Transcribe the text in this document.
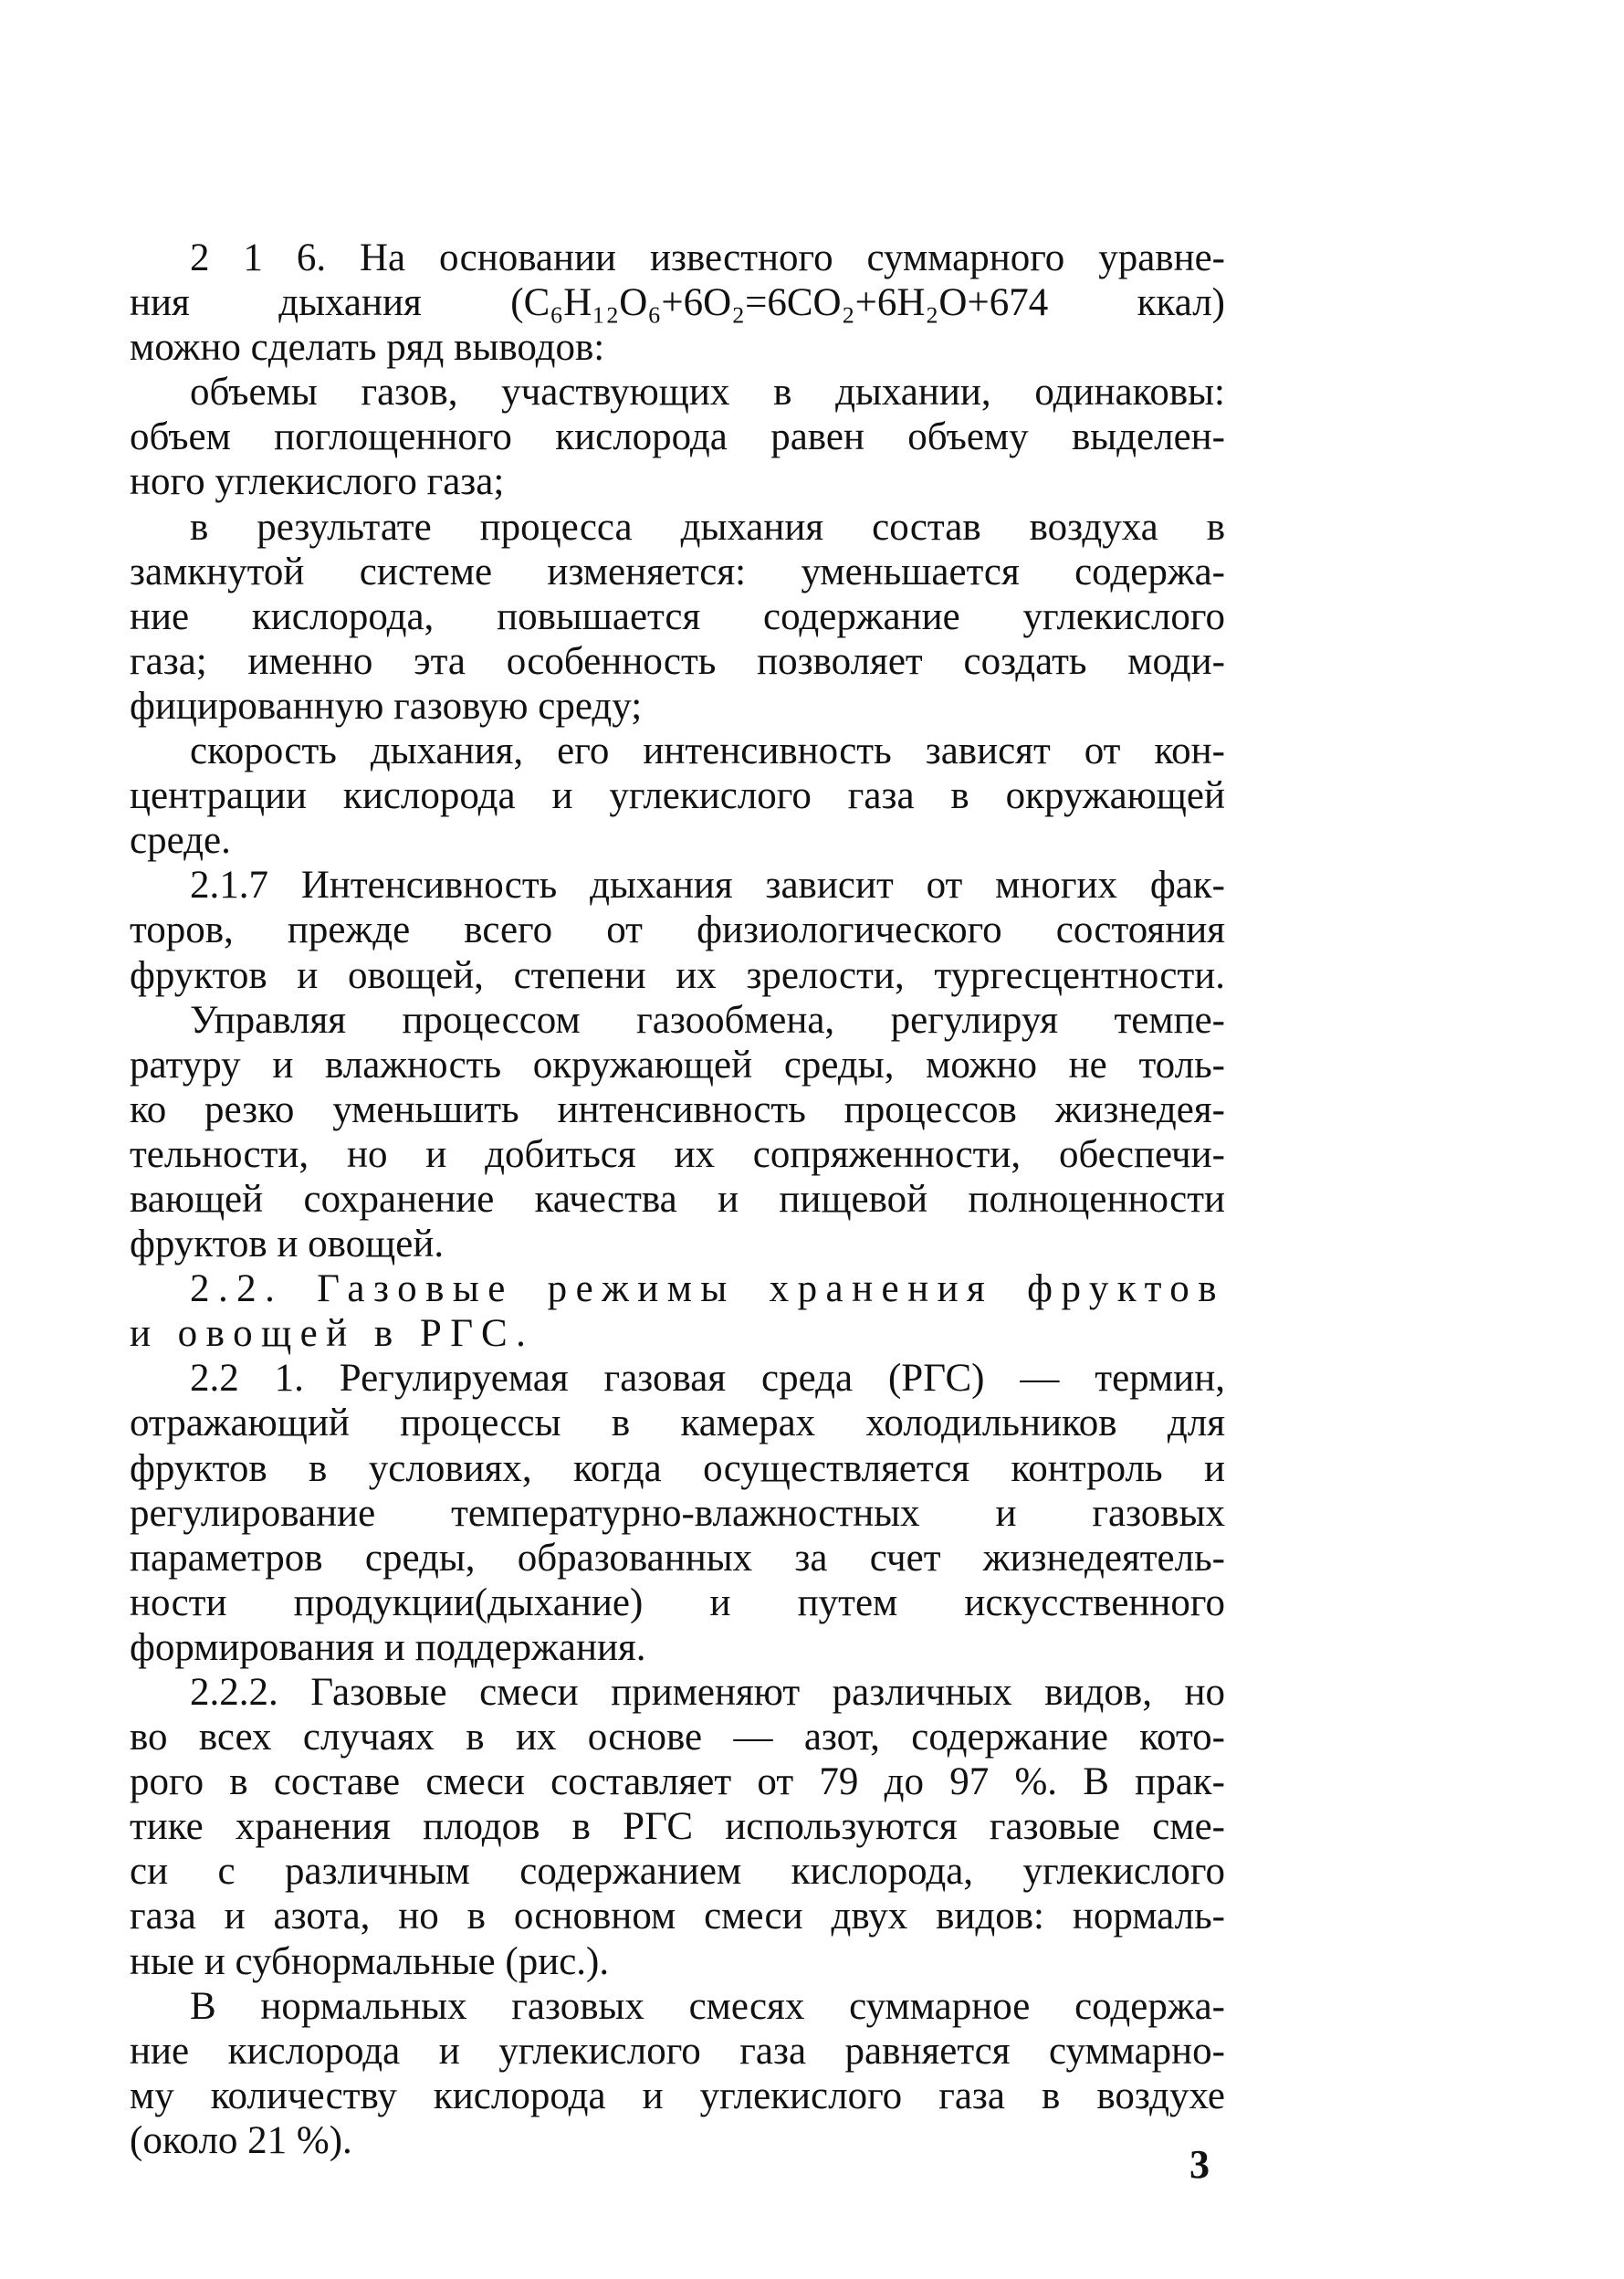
2 1 6. На основании известного суммарного уравне-
ния дыхания (C₆H₁₂O₆+6O₂=6CO₂+6H₂O+674 ккал)
можно сделать ряд выводов:
объемы газов, участвующих в дыхании, одинаковы:
объем поглощенного кислорода равен объему выделен-
ного углекислого газа;
в результате процесса дыхания состав воздуха в
замкнутой системе изменяется: уменьшается содержа-
ние кислорода, повышается содержание углекислого
газа; именно эта особенность позволяет создать моди-
фицированную газовую среду;
скорость дыхания, его интенсивность зависят от кон-
центрации кислорода и углекислого газа в окружающей
среде.
2.1.7 Интенсивность дыхания зависит от многих фак-
торов, прежде всего от физиологического состояния
фруктов и овощей, степени их зрелости, тургесцентности.
Управляя процессом газообмена, регулируя темпе-
ратуру и влажность окружающей среды, можно не толь-
ко резко уменьшить интенсивность процессов жизнедея-
тельности, но и добиться их сопряженности, обеспечи-
вающей сохранение качества и пищевой полноценности
фруктов и овощей.
2.2. Газовые режимы хранения фруктов
и овощей в РГС.
2.2 1. Регулируемая газовая среда (РГС) — термин,
отражающий процессы в камерах холодильников для
фруктов в условиях, когда осуществляется контроль и
регулирование температурно-влажностных и газовых
параметров среды, образованных за счет жизнедеятель-
ности продукции(дыхание) и путем искусственного
формирования и поддержания.
2.2.2. Газовые смеси применяют различных видов, но
во всех случаях в их основе — азот, содержание кото-
рого в составе смеси составляет от 79 до 97 %. В прак-
тике хранения плодов в РГС используются газовые сме-
си с различным содержанием кислорода, углекислого
газа и азота, но в основном смеси двух видов: нормаль-
ные и субнормальные (рис.).
В нормальных газовых смесях суммарное содержа-
ние кислорода и углекислого газа равняется суммарно-
му количеству кислорода и углекислого газа в воздухе
(около 21 %).
3
